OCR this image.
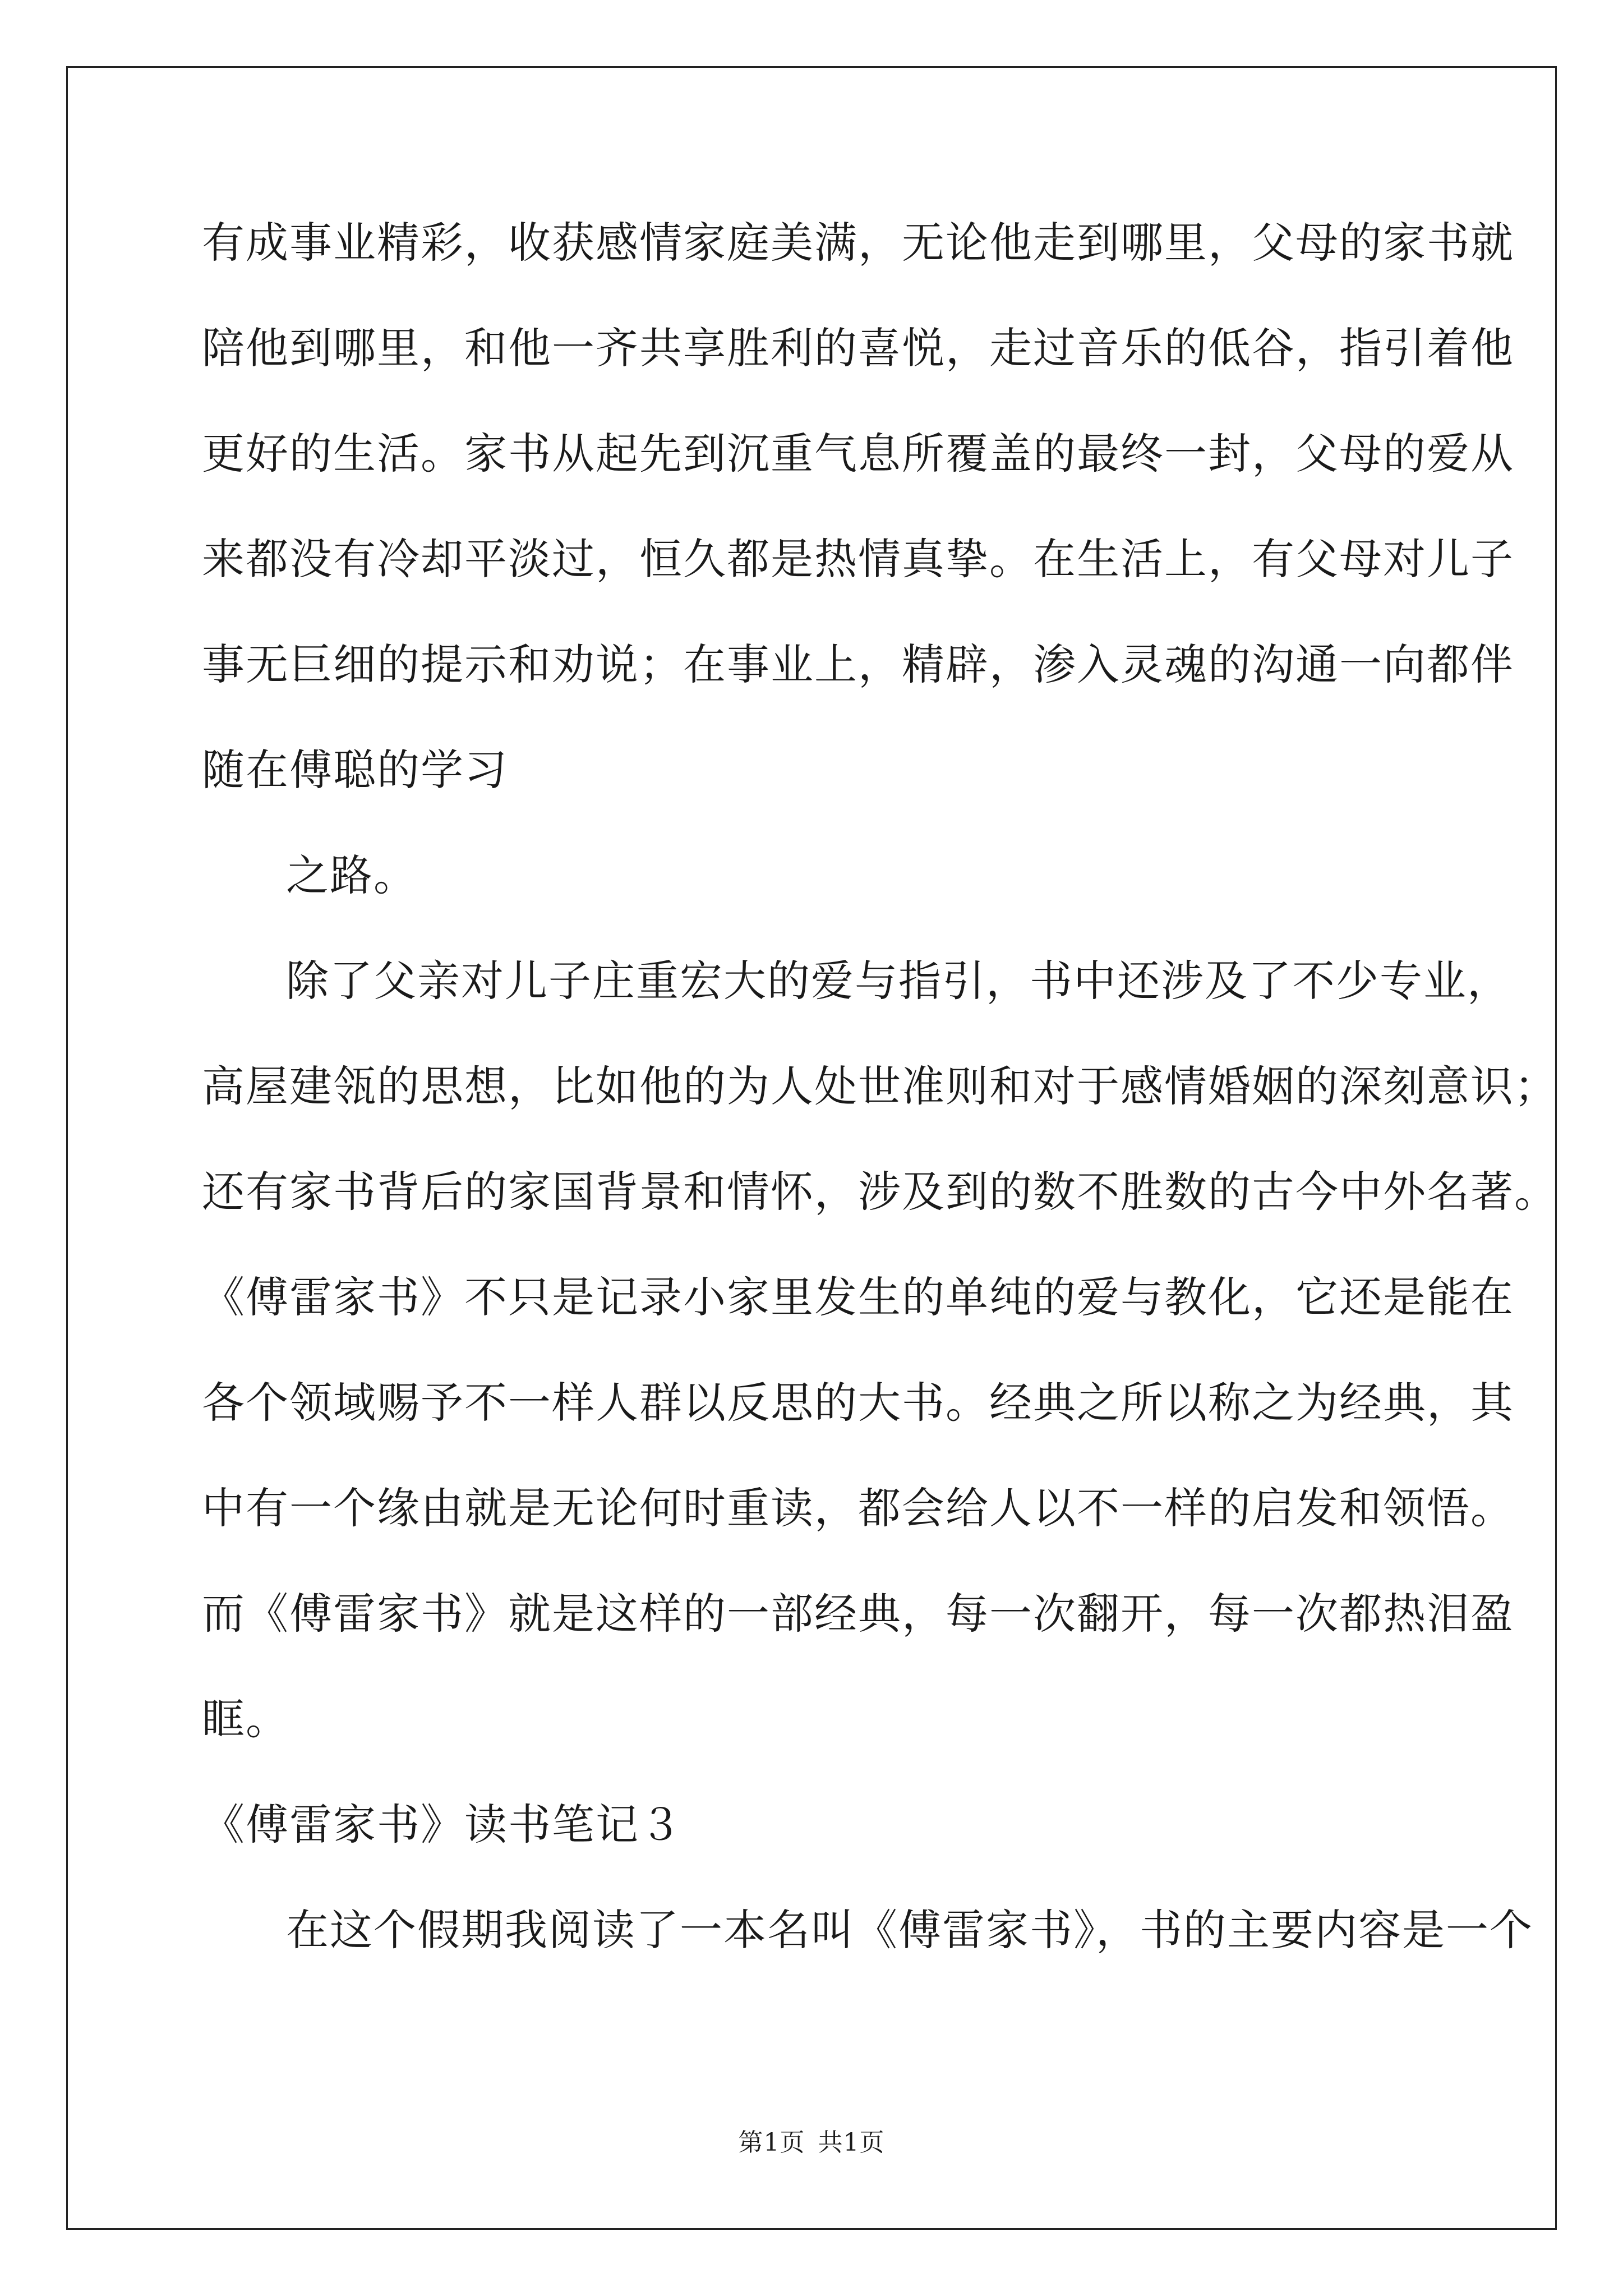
有成事业精彩，收获感情家庭美满，无论他走到哪里，父母的家书就
陪他到哪里，和他一齐共享胜利的喜悦，走过音乐的低谷，指引着他
更好的生活。家书从起先到沉重气息所覆盖的最终一封，父母的爱从
来都没有冷却平淡过，恒久都是热情真挚。在生活上，有父母对儿子
事无巨细的提示和劝说；在事业上，精辟，渗入灵魂的沟通一向都伴
随在傅聪的学习
之路。
除了父亲对儿子庄重宏大的爱与指引，书中还涉及了不少专业，
高屋建瓴的思想，比如他的为人处世准则和对于感情婚姻的深刻意识；
还有家书背后的家国背景和情怀，涉及到的数不胜数的古今中外名著。
《傅雷家书》不只是记录小家里发生的单纯的爱与教化，它还是能在
各个领域赐予不一样人群以反思的大书。经典之所以称之为经典，其
中有一个缘由就是无论何时重读，都会给人以不一样的启发和领悟。
而《傅雷家书》就是这样的一部经典，每一次翻开，每一次都热泪盈
眶。
《傅雷家书》读书笔记３
在这个假期我阅读了一本名叫《傅雷家书》，书的主要内容是一个
第1页 共1页
